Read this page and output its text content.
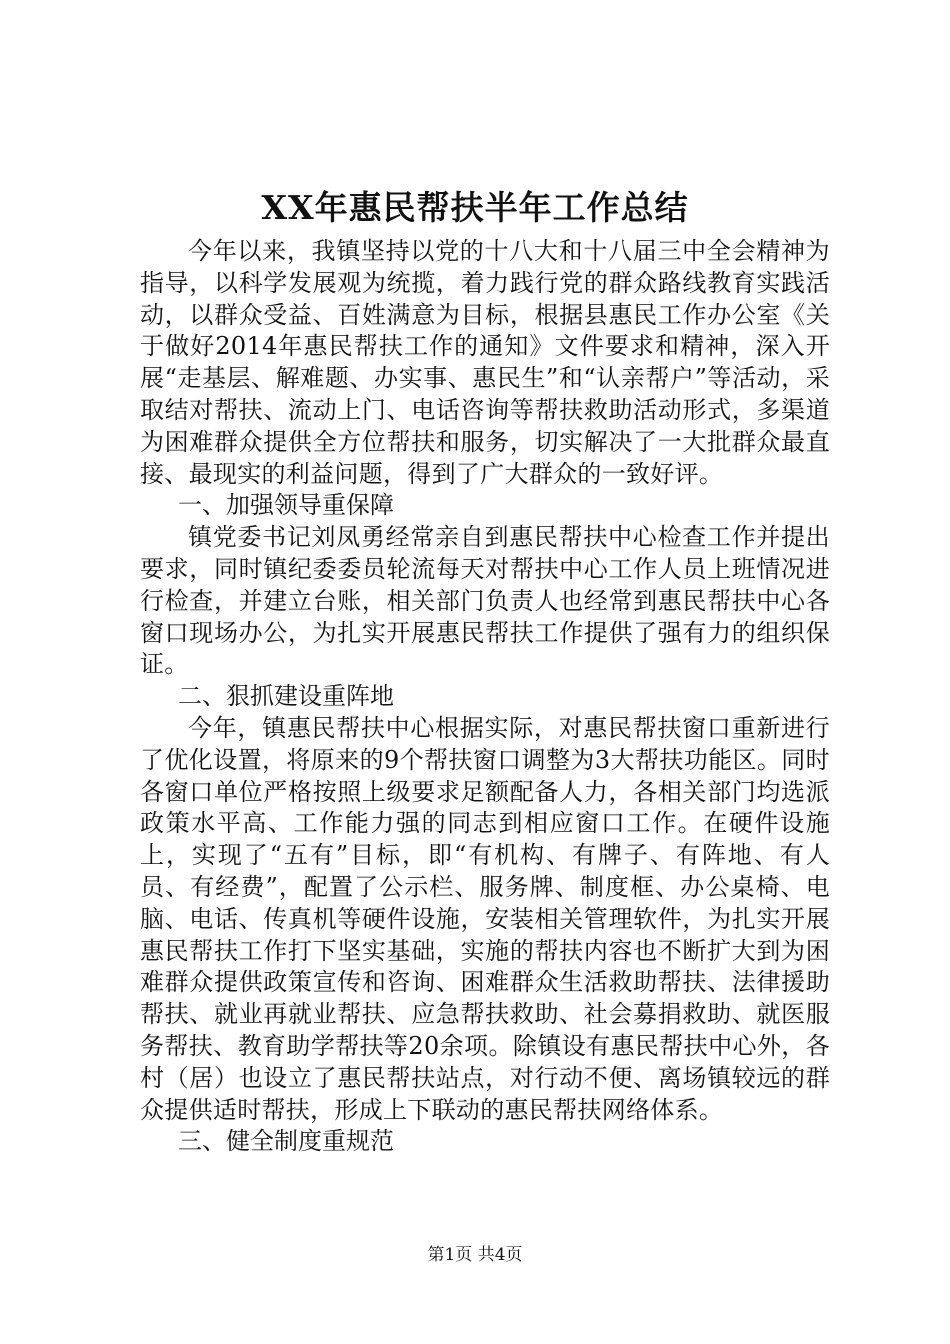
XX年惠民帮扶半年工作总结

今年以来，我镇坚持以党的十八大和十八届三中全会精神为指导，以科学发展观为统揽，着力践行党的群众路线教育实践活动，以群众受益、百姓满意为目标，根据县惠民工作办公室《关于做好2014年惠民帮扶工作的通知》文件要求和精神，深入开展“走基层、解难题、办实事、惠民生”和“认亲帮户”等活动，采取结对帮扶、流动上门、电话咨询等帮扶救助活动形式，多渠道为困难群众提供全方位帮扶和服务，切实解决了一大批群众最直接、最现实的利益问题，得到了广大群众的一致好评。

一、加强领导重保障

镇党委书记刘凤勇经常亲自到惠民帮扶中心检查工作并提出要求，同时镇纪委委员轮流每天对帮扶中心工作人员上班情况进行检查，并建立台账，相关部门负责人也经常到惠民帮扶中心各窗口现场办公，为扎实开展惠民帮扶工作提供了强有力的组织保证。

二、狠抓建设重阵地

今年，镇惠民帮扶中心根据实际，对惠民帮扶窗口重新进行了优化设置，将原来的9个帮扶窗口调整为3大帮扶功能区。同时各窗口单位严格按照上级要求足额配备人力，各相关部门均选派政策水平高、工作能力强的同志到相应窗口工作。在硬件设施上，实现了“五有”目标，即“有机构、有牌子、有阵地、有人员、有经费”，配置了公示栏、服务牌、制度框、办公桌椅、电脑、电话、传真机等硬件设施，安装相关管理软件，为扎实开展惠民帮扶工作打下坚实基础，实施的帮扶内容也不断扩大到为困难群众提供政策宣传和咨询、困难群众生活救助帮扶、法律援助帮扶、就业再就业帮扶、应急帮扶救助、社会募捐救助、就医服务帮扶、教育助学帮扶等20余项。除镇设有惠民帮扶中心外，各村（居）也设立了惠民帮扶站点，对行动不便、离场镇较远的群众提供适时帮扶，形成上下联动的惠民帮扶网络体系。

三、健全制度重规范
第1页 共4页
